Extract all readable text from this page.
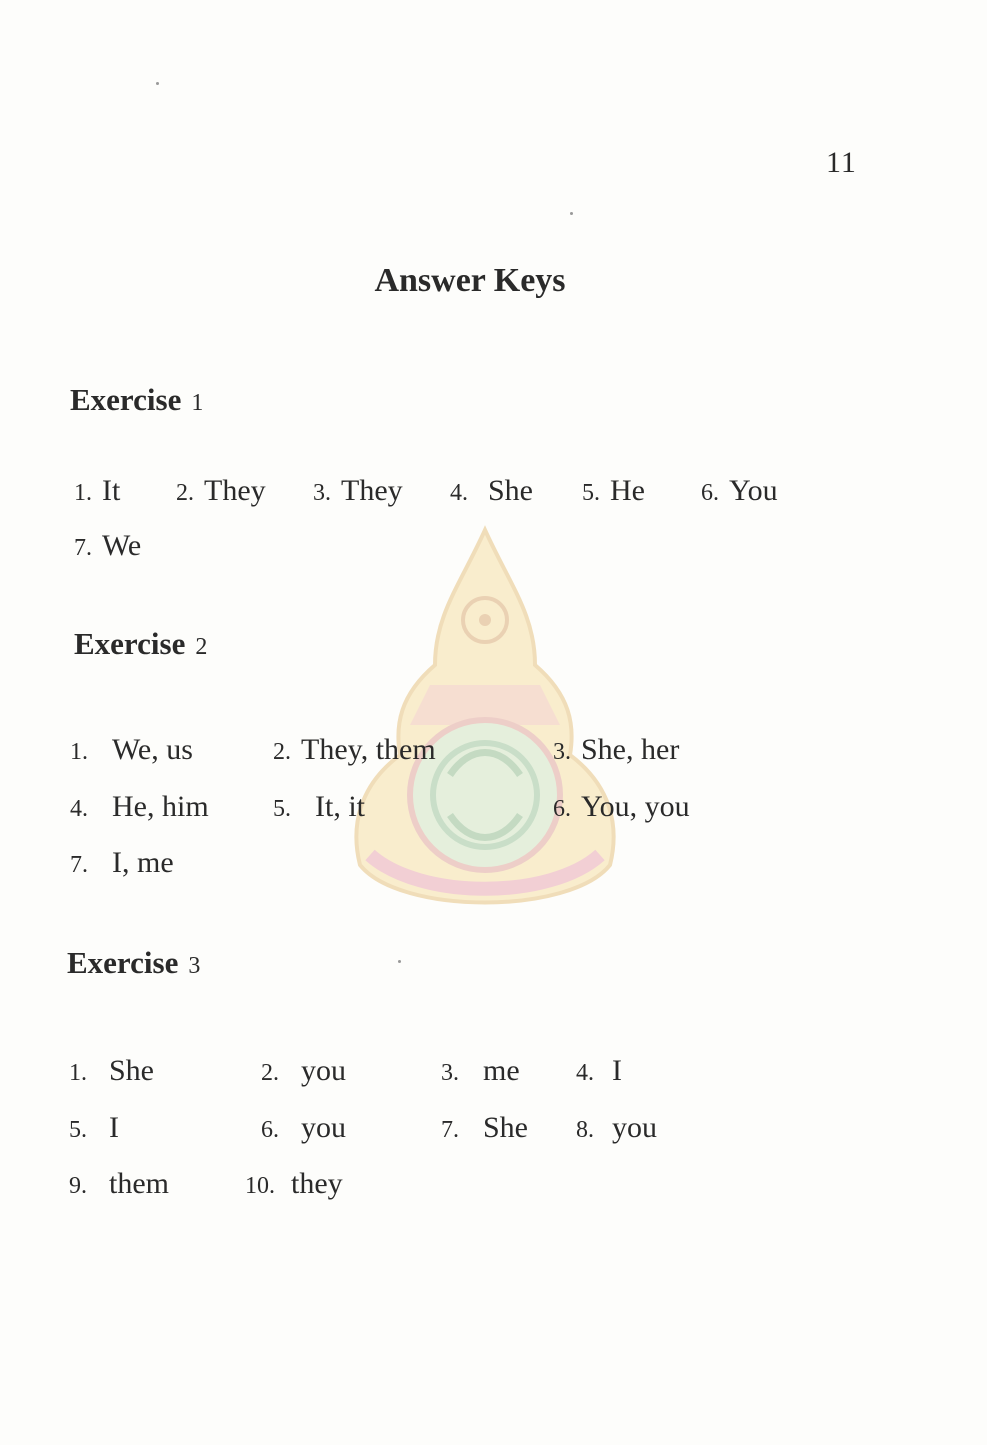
11
Answer Keys
Exercise 1
1. It 2. They 3. They 4. She 5. He 6. You
7. We
Exercise 2
1. We, us	2. They, them	3. She, her
4. He, him	5. It, it	6. You, you
7. I, me
Exercise 3
1. She	2. you	3. me 4. I
5. I	6. you	7. She 8. you
9. them	10. they
